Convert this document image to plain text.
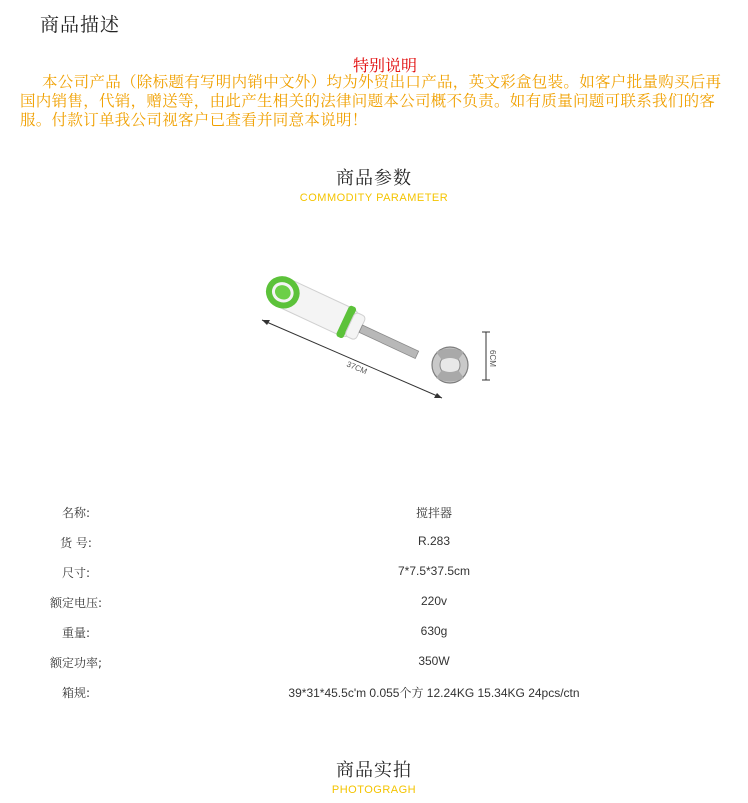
商品描述
特别说明
本公司产品（除标题有写明内销中文外）均为外贸出口产品，英文彩盒包装。如客户批量购买后再国内销售，代销，赠送等，由此产生相关的法律问题本公司概不负责。如有质量问题可联系我们的客服。付款订单我公司视客户已查看并同意本说明！
商品参数
COMMODITY PARAMETER
37CM
6CM
名称:	搅拌器
货 号:	R.283
尺寸:	7*7.5*37.5cm
额定电压:	220v
重量:	630g
额定功率;	350W
箱规:	39*31*45.5c'm 0.055个方 12.24KG 15.34KG 24pcs/ctn
商品实拍
PHOTOGRAGH
